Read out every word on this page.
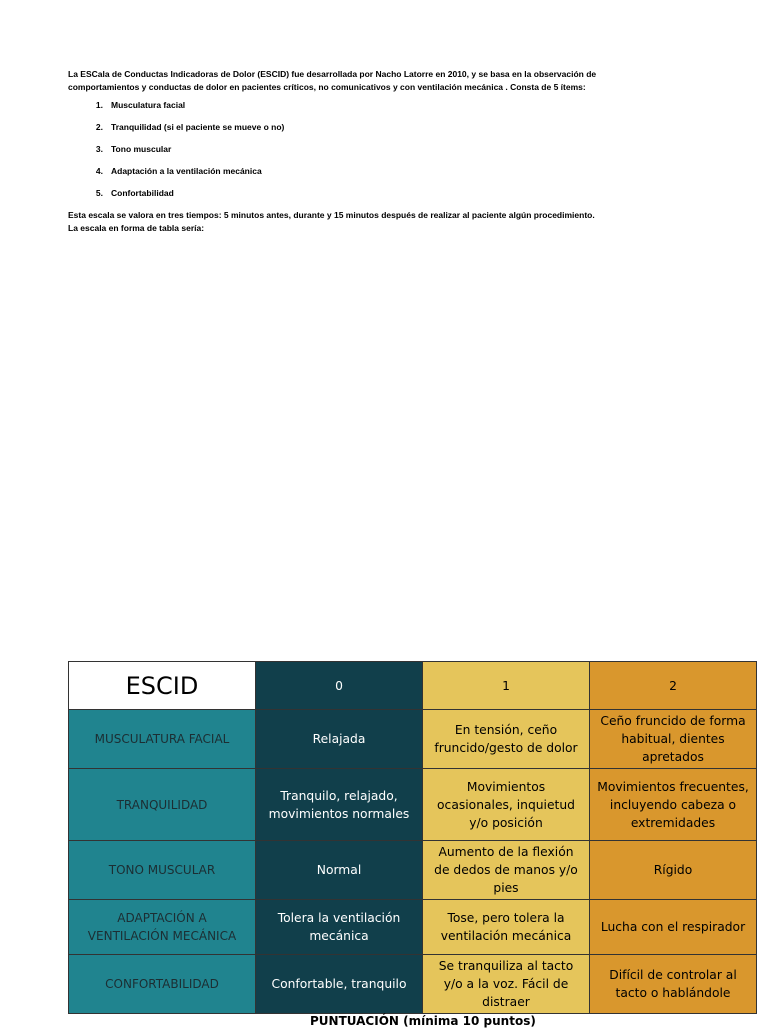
La ESCala de Conductas Indicadoras de Dolor (ESCID) fue desarrollada por Nacho Latorre en 2010, y se basa en la observación de
comportamientos y conductas de dolor en pacientes críticos, no comunicativos y con ventilación mecánica . Consta de 5 ítems:

1. Musculatura facial
2. Tranquilidad (si el paciente se mueve o no)
3. Tono muscular
4. Adaptación a la ventilación mecánica
5. Confortabilidad

Esta escala se valora en tres tiempos: 5 minutos antes, durante y 15 minutos después de realizar al paciente algún procedimiento.

La escala en forma de tabla sería:

ESCID	0	1	2
MUSCULATURA FACIAL	Relajada	En tensión, ceño fruncido/gesto de dolor	Ceño fruncido de forma habitual, dientes apretados
TRANQUILIDAD	Tranquilo, relajado, movimientos normales	Movimientos ocasionales, inquietud y/o posición	Movimientos frecuentes, incluyendo cabeza o extremidades
TONO MUSCULAR	Normal	Aumento de la flexión de dedos de manos y/o pies	Rígido
ADAPTACIÓN A VENTILACIÓN MECÁNICA	Tolera la ventilación mecánica	Tose, pero tolera la ventilación mecánica	Lucha con el respirador
CONFORTABILIDAD	Confortable, tranquilo	Se tranquiliza al tacto y/o a la voz. Fácil de distraer	Difícil de controlar al tacto o hablándole
PUNTUACIÓN (mínima 10 puntos)
